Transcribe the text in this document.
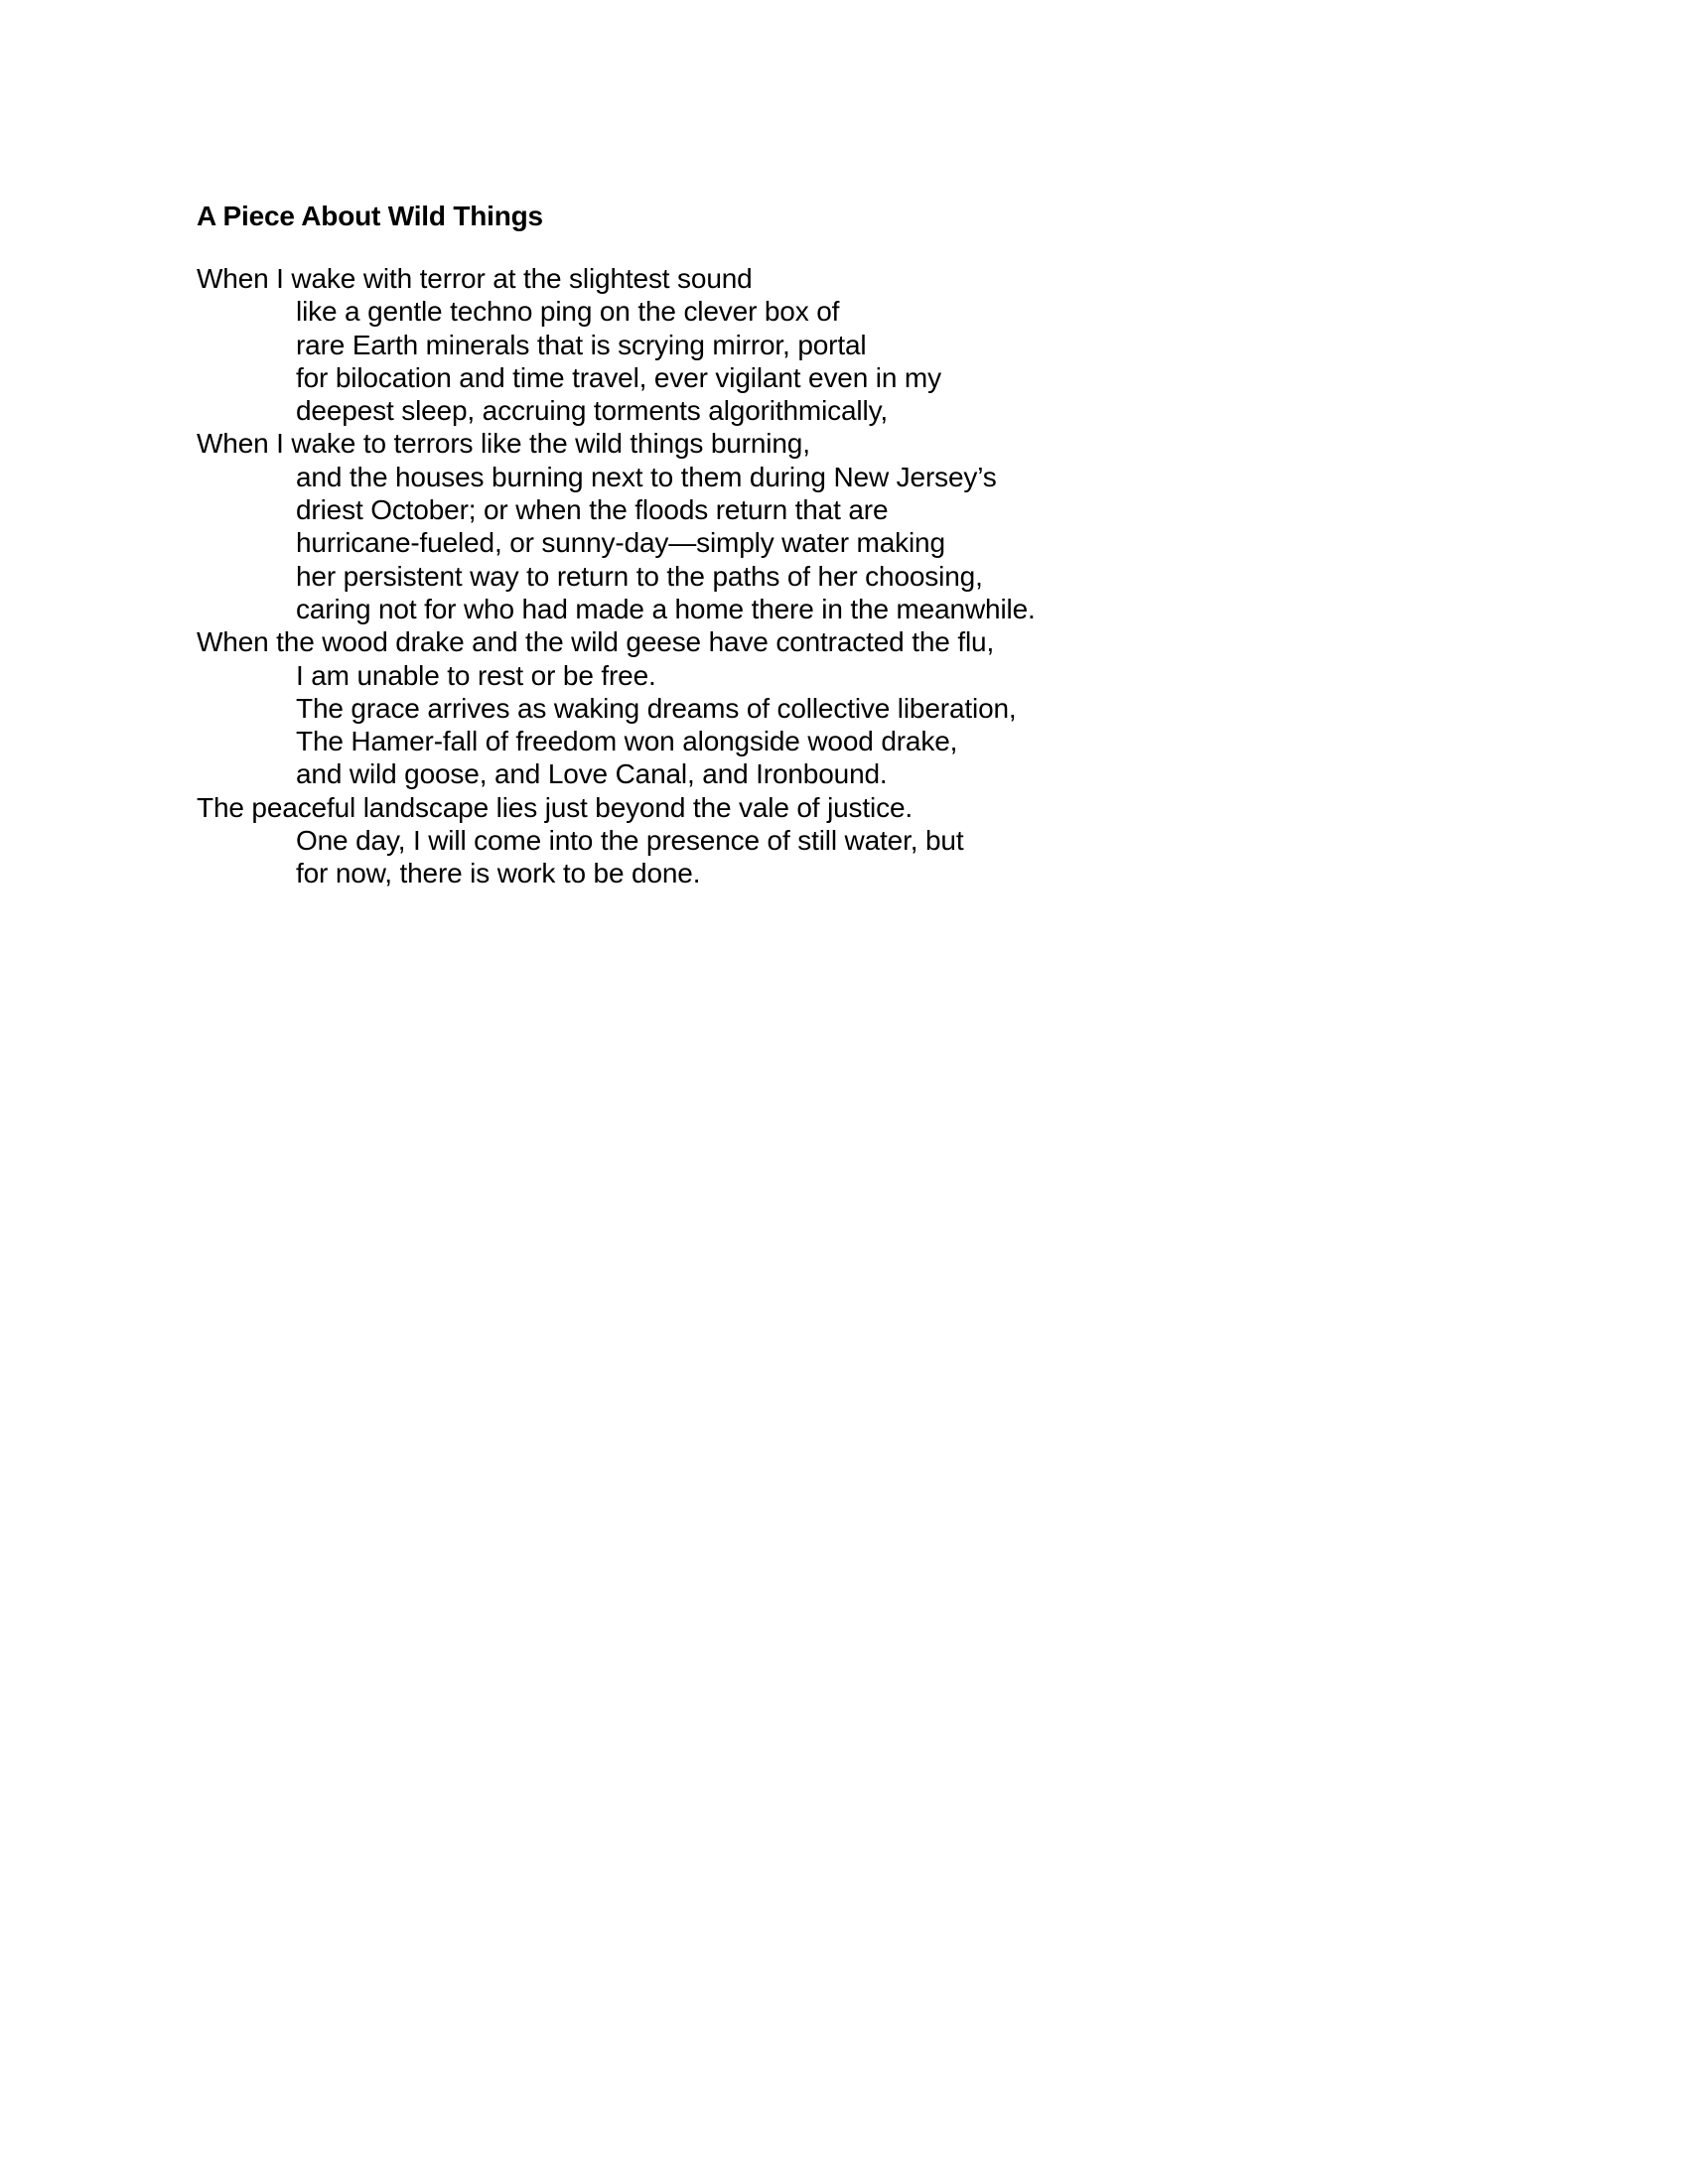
A Piece About Wild Things
When I wake with terror at the slightest sound
like a gentle techno ping on the clever box of
rare Earth minerals that is scrying mirror, portal
for bilocation and time travel, ever vigilant even in my
deepest sleep, accruing torments algorithmically,
When I wake to terrors like the wild things burning,
and the houses burning next to them during New Jersey’s
driest October; or when the floods return that are
hurricane-fueled, or sunny-day—simply water making
her persistent way to return to the paths of her choosing,
caring not for who had made a home there in the meanwhile.
When the wood drake and the wild geese have contracted the flu,
I am unable to rest or be free.
The grace arrives as waking dreams of collective liberation,
The Hamer-fall of freedom won alongside wood drake,
and wild goose, and Love Canal, and Ironbound.
The peaceful landscape lies just beyond the vale of justice.
One day, I will come into the presence of still water, but
for now, there is work to be done.
